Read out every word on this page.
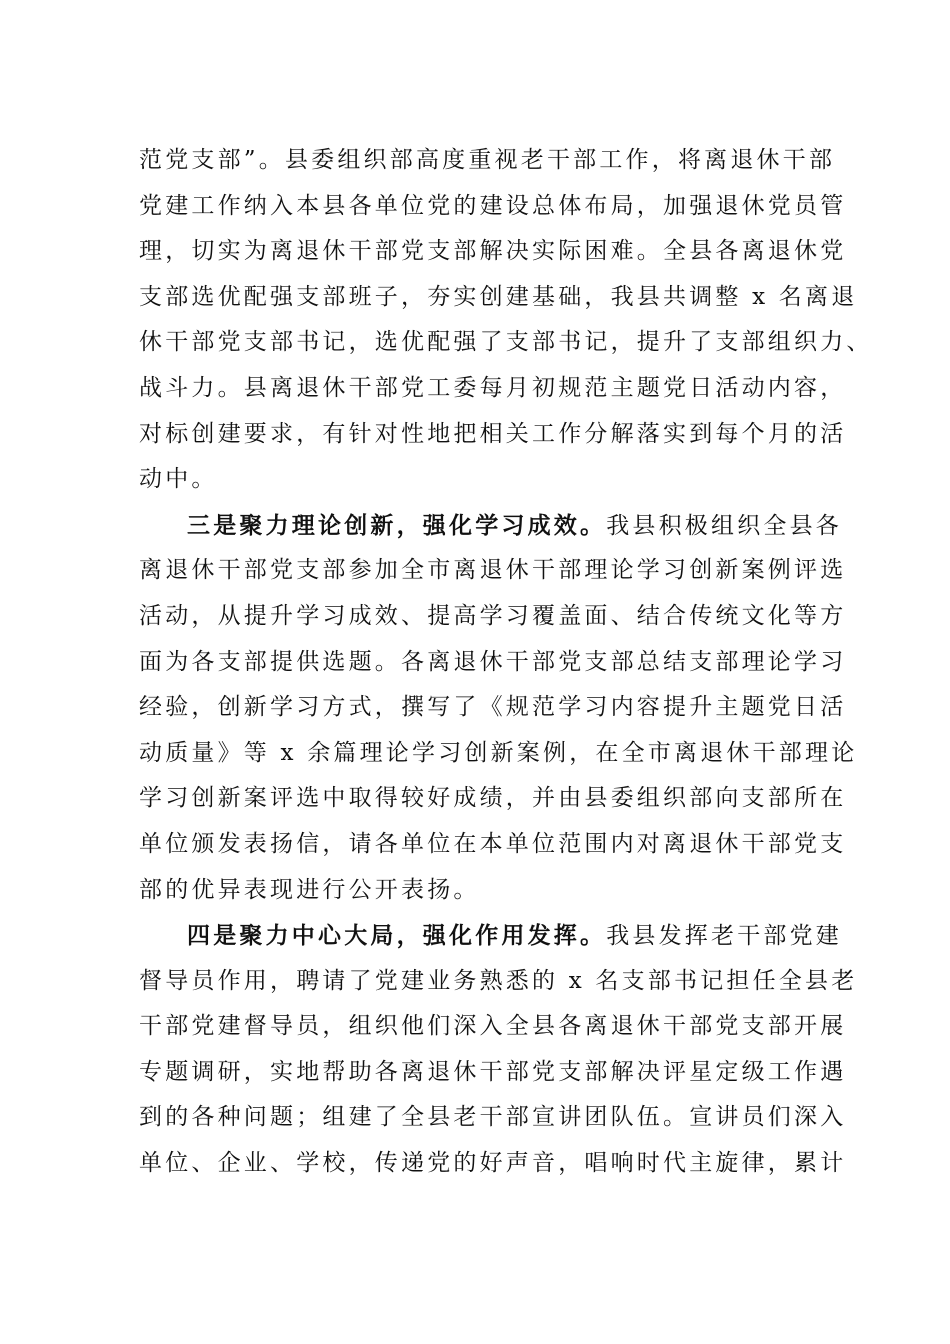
范党支部”。县委组织部高度重视老干部工作，将离退休干部
党建工作纳入本县各单位党的建设总体布局，加强退休党员管
理，切实为离退休干部党支部解决实际困难。全县各离退休党
支部选优配强支部班子，夯实创建基础，我县共调整 x 名离退
休干部党支部书记，选优配强了支部书记，提升了支部组织力、
战斗力。县离退休干部党工委每月初规范主题党日活动内容，
对标创建要求，有针对性地把相关工作分解落实到每个月的活
动中。
三是聚力理论创新，强化学习成效。我县积极组织全县各
离退休干部党支部参加全市离退休干部理论学习创新案例评选
活动，从提升学习成效、提高学习覆盖面、结合传统文化等方
面为各支部提供选题。各离退休干部党支部总结支部理论学习
经验，创新学习方式，撰写了《规范学习内容提升主题党日活
动质量》等 x 余篇理论学习创新案例，在全市离退休干部理论
学习创新案评选中取得较好成绩，并由县委组织部向支部所在
单位颁发表扬信，请各单位在本单位范围内对离退休干部党支
部的优异表现进行公开表扬。
四是聚力中心大局，强化作用发挥。我县发挥老干部党建
督导员作用，聘请了党建业务熟悉的 x 名支部书记担任全县老
干部党建督导员，组织他们深入全县各离退休干部党支部开展
专题调研，实地帮助各离退休干部党支部解决评星定级工作遇
到的各种问题；组建了全县老干部宣讲团队伍。宣讲员们深入
单位、企业、学校，传递党的好声音，唱响时代主旋律，累计
